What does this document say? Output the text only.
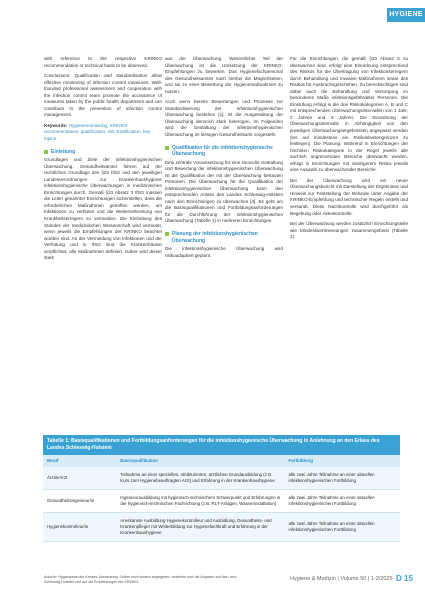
HYGIENE

with reference to the respective KRINKO recommendation or technical basis to be observed.

Conclusions: Qualification and standardisation allow effective monitoring of infection control measures. Well-founded professional assessment and cooperation with the infection control team promote the acceptance of measures taken by the public health department and can contribute to the prevention of infection control management.

Keywords: Hygienemonitoring, KRINKO-recommendation, qualification, risk stratification, key topics
Einleitung

Grundlagen und Ziele der infektionshygienischen Überwachung. Gesundheitsämter führen auf der rechtlichen Grundlage des §23 IfSG und den jeweiligen Landesverordnungen zur Krankenhaushygiene infektionshygienische Überwachungen in medizinischen Einrichtungen durch. Gemäß §23 Absatz 3 IfSG müssen die Leiter genannter Einrichtungen sicherstellen, dass die erforderlichen Maßnahmen getroffen werden, um Infektionen zu verhüten und die Weiterverbreitung von Krankheitserregern zu vermeiden. Die Einhaltung des Standes der medizinischen Wissenschaft wird vermutet, wenn jeweils die Empfehlungen der KRINKO beachtet worden sind. An der Vermeidung von Infektionen und der Verhütung und in IfSG sind die Krankenhäuser verpflichtet, alle Maßnahmen definiert. Daher wird dieser stark

aus der Überwachung. Wesentlicher Teil der Überwachung ist die Umsetzung der KRINKO-Empfehlungen zu bewerten. Das Hygienefachpersonal des Gesundheitsamtes nutzt hierbei die Möglichkeiten, und sie zu einer Bewertung der Hygienemaßnahmen zu nutzen.

Auch wenn bereits Bewertungen und Prozesse zur Standardisierung der infektionshygienischen Überwachung bestehen [1], ist die Ausgestaltung der Überwachung dennoch stark heterogen. Im Folgenden wird die Gestaltung der infektionshygienischen Überwachung im hiesigen Gesundheitsamt vorgestellt.

Qualifikation für die infektionshygienische Überwachung

Eine zentrale Voraussetzung für eine sinnvolle Gestaltung und Bewertung der infektionshygienischen Überwachung ist die Qualifikation der mit der Überwachung betrauten Personen. Die Überwachung für die Qualifikation der infektionshygienischen Überwachung kann den entsprechenden Anlass des Landes Schleswig-Holstein nach den Einrichtungen zu überwachen [4]. Es geht um die Basisqualifikationen und Fortbildungsanforderungen für die Durchführung der infektionshygienischen Überwachung (Tabelle 1) in mehreren Einrichtungen.

Planung der infektionshygienischen Überwachung

Die infektionshygienische Überwachung wird risikoadaptiert geplant.

Für die Einrichtungen, die gemäß §23 Absatz 5 zu überwachen sind, erfolgt eine Einordnung entsprechend des Risikos für die Übertragung von Infektionserregern durch Behandlung und invasive Maßnahmen sowie des Risikos für Ausbruchsgeschehen. Zu berücksichtigen sind dabei auch die Behandlung und Versorgung im besonderen Maße infektionsgefährdeter Personen. Die Einstufung erfolgt in die drei Risikokategorien A, B und C mit entsprechenden Überwachungsintervallen von 1 Jahr, 2 Jahren und 3 Jahren. Die Einordnung der Überwachungsintervalle in Abhängigkeit von den jeweiligen Überwachungsergebnissen angepasst werden (bis auf mindestens ein Risikoklassengrenzen zu festlegen). Die Planung: Während in Einrichtungen der höchsten Risikokategorie in der Regel jeweils alle sachlich angrenzenden Bereiche überwacht werden, erfolgt in Einrichtungen mit niedrigerem Risiko jeweils eine Auswahl zu überwachender Bereiche.

Bei der Überwachung wird ein neuer Überwachungsbericht mit Darstellung der Ergebnisse und Hinweis zur Feststellung der Befunde unter Angabe der KRINKO-Empfehlung und technischer Regeln erstellt und versandt. Diese Nachkontrolle wird durchgeführt als Begehung oder Aktenkontrolle.

Bei der Überwachung werden zusätzlich Einrichtungsteile wie Mindestwertmessungen zusammengefasst (Tabelle 2).

Tabelle 1: Basisqualifikationen und Fortbildungsanforderungen für die infektionshygienische Überwachung in Anlehnung an den Erlass des Landes Schleswig-Holstein		
Beruf	Basisqualifikation	Fortbildung
Ärztin/Arzt	Teilnahme an einer speziellen, strukturierten, ärztlichen Grundausbildung (z.B. Kurs zum Hygienebeauftragten Arzt) und Erfahrung in der Krankenhaushygiene	alle zwei Jahre Teilnahme an einer aktuellen infektionshygienischen Fortbildung
Gesundheitsingenieur/in	Ingenieurausbildung mit hygienisch-technischem Schwerpunkt und Erfahrungen in der hygienisch-technischen Fachrichtung (z.B. RLT-Anlagen, Wasserinstallation)	alle zwei Jahre Teilnahme an einer aktuellen infektionshygienischen Fortbildung
Hygienekontrolleur/in	Anerkannte Ausbildung Hygienekontrolleur und Ausbildung, Gesundheits- und Krankenpfleger mit Weiterbildung zur Hygienefachkraft und Erfahrung in der Krankenhaushygiene	alle zwei Jahre Teilnahme an einer aktuellen infektionshygienischen Fortbildung
Autor/in: Hygieneamt des Kreises. Anmerkung: Sofern nicht anders angegeben, beziehen sich die Angaben auf das Land Schleswig-Holstein und auf die Empfehlungen der KRINKO.	Hygiene & Medizin | Volume 50 | 1-2/2025 D 15
